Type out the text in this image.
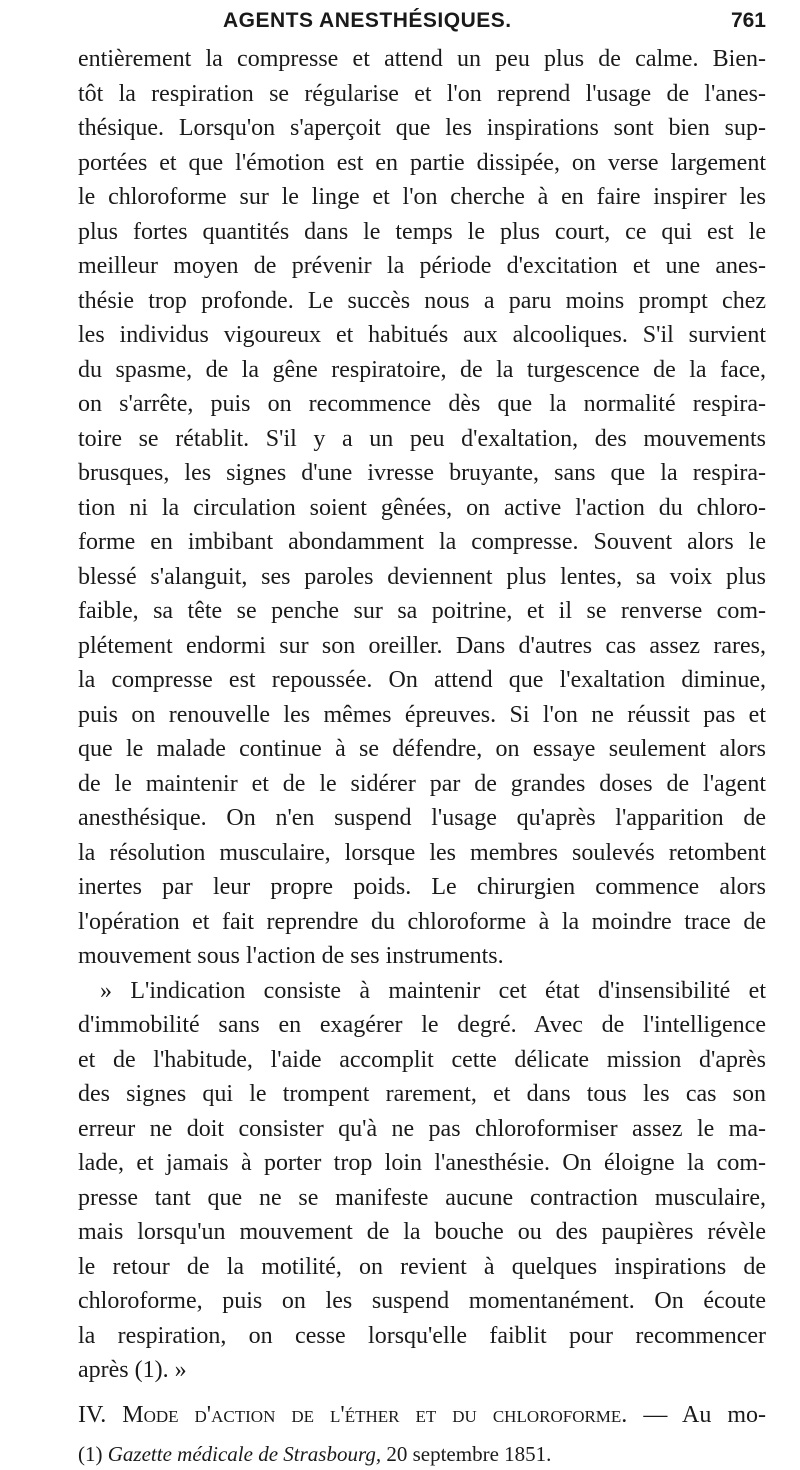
AGENTS ANESTHÉSIQUES.	761
entièrement la compresse et attend un peu plus de calme. Bien-
tôt la respiration se régularise et l'on reprend l'usage de l'anes-
thésique. Lorsqu'on s'aperçoit que les inspirations sont bien sup-
portées et que l'émotion est en partie dissipée, on verse largement
le chloroforme sur le linge et l'on cherche à en faire inspirer les
plus fortes quantités dans le temps le plus court, ce qui est le
meilleur moyen de prévenir la période d'excitation et une anes-
thésie trop profonde. Le succès nous a paru moins prompt chez
les individus vigoureux et habitués aux alcooliques. S'il survient
du spasme, de la gêne respiratoire, de la turgescence de la face,
on s'arrête, puis on recommence dès que la normalité respira-
toire se rétablit. S'il y a un peu d'exaltation, des mouvements
brusques, les signes d'une ivresse bruyante, sans que la respira-
tion ni la circulation soient gênées, on active l'action du chloro-
forme en imbibant abondamment la compresse. Souvent alors le
blessé s'alanguit, ses paroles deviennent plus lentes, sa voix plus
faible, sa tête se penche sur sa poitrine, et il se renverse com-
plétement endormi sur son oreiller. Dans d'autres cas assez rares,
la compresse est repoussée. On attend que l'exaltation diminue,
puis on renouvelle les mêmes épreuves. Si l'on ne réussit pas et
que le malade continue à se défendre, on essaye seulement alors
de le maintenir et de le sidérer par de grandes doses de l'agent
anesthésique. On n'en suspend l'usage qu'après l'apparition de
la résolution musculaire, lorsque les membres soulevés retombent
inertes par leur propre poids. Le chirurgien commence alors
l'opération et fait reprendre du chloroforme à la moindre trace de
mouvement sous l'action de ses instruments.
» L'indication consiste à maintenir cet état d'insensibilité et
d'immobilité sans en exagérer le degré. Avec de l'intelligence
et de l'habitude, l'aide accomplit cette délicate mission d'après
des signes qui le trompent rarement, et dans tous les cas son
erreur ne doit consister qu'à ne pas chloroformiser assez le ma-
lade, et jamais à porter trop loin l'anesthésie. On éloigne la com-
presse tant que ne se manifeste aucune contraction musculaire,
mais lorsqu'un mouvement de la bouche ou des paupières révèle
le retour de la motilité, on revient à quelques inspirations de
chloroforme, puis on les suspend momentanément. On écoute
la respiration, on cesse lorsqu'elle faiblit pour recommencer
après (1). »
IV. Mode d'action de l'éther et du chloroforme. — Au mo-
(1) Gazette médicale de Strasbourg, 20 septembre 1851.
